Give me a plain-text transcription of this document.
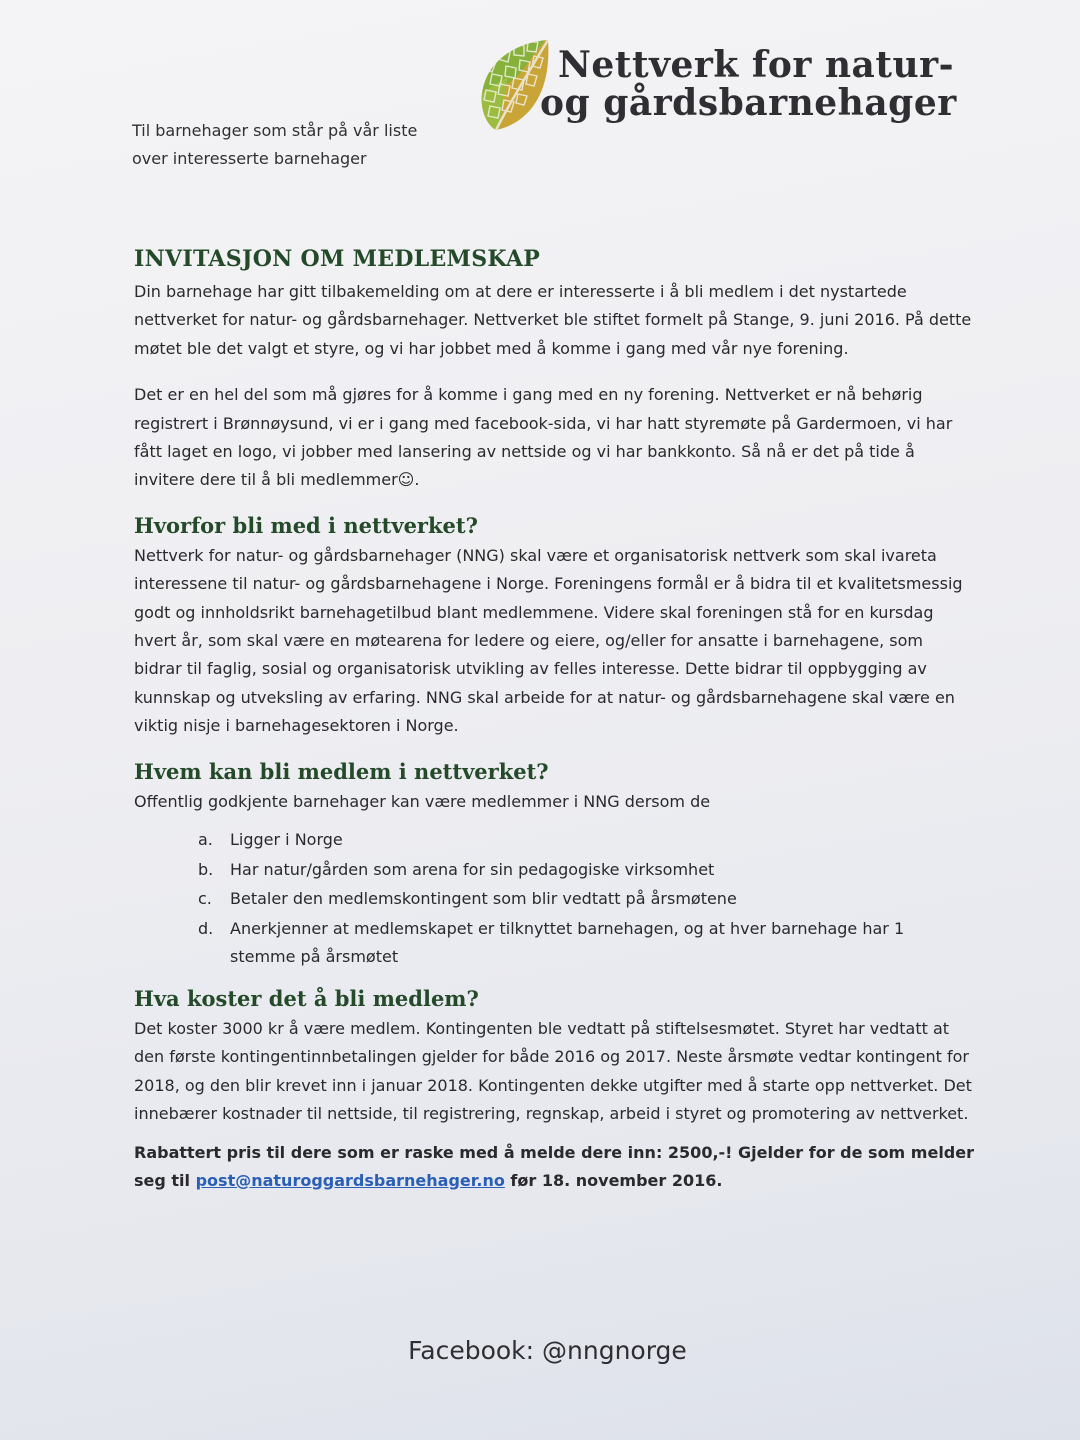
Nettverk for natur-
og gårdsbarnehager
Til barnehager som står på vår liste
over interesserte barnehager
INVITASJON OM MEDLEMSKAP

Din barnehage har gitt tilbakemelding om at dere er interesserte i å bli medlem i det nystartede nettverket for natur- og gårdsbarnehager. Nettverket ble stiftet formelt på Stange, 9. juni 2016. På dette møtet ble det valgt et styre, og vi har jobbet med å komme i gang med vår nye forening.

Det er en hel del som må gjøres for å komme i gang med en ny forening. Nettverket er nå behørig registrert i Brønnøysund, vi er i gang med facebook-sida, vi har hatt styremøte på Gardermoen, vi har fått laget en logo, vi jobber med lansering av nettside og vi har bankkonto. Så nå er det på tide å invitere dere til å bli medlemmer☺.

Hvorfor bli med i nettverket?

Nettverk for natur- og gårdsbarnehager (NNG) skal være et organisatorisk nettverk som skal ivareta interessene til natur- og gårdsbarnehagene i Norge. Foreningens formål er å bidra til et kvalitetsmessig godt og innholdsrikt barnehagetilbud blant medlemmene. Videre skal foreningen stå for en kursdag hvert år, som skal være en møtearena for ledere og eiere, og/eller for ansatte i barnehagene, som bidrar til faglig, sosial og organisatorisk utvikling av felles interesse. Dette bidrar til oppbygging av kunnskap og utveksling av erfaring. NNG skal arbeide for at natur- og gårdsbarnehagene skal være en viktig nisje i barnehagesektoren i Norge.

Hvem kan bli medlem i nettverket?

Offentlig godkjente barnehager kan være medlemmer i NNG dersom de

a. Ligger i Norge
b. Har natur/gården som arena for sin pedagogiske virksomhet
c. Betaler den medlemskontingent som blir vedtatt på årsmøtene
d. Anerkjenner at medlemskapet er tilknyttet barnehagen, og at hver barnehage har 1 stemme på årsmøtet
Hva koster det å bli medlem?

Det koster 3000 kr å være medlem. Kontingenten ble vedtatt på stiftelsesmøtet. Styret har vedtatt at den første kontingentinnbetalingen gjelder for både 2016 og 2017. Neste årsmøte vedtar kontingent for 2018, og den blir krevet inn i januar 2018. Kontingenten dekke utgifter med å starte opp nettverket. Det innebærer kostnader til nettside, til registrering, regnskap, arbeid i styret og promotering av nettverket.

Rabattert pris til dere som er raske med å melde dere inn: 2500,-! Gjelder for de som melder seg til post@naturoggardsbarnehager.no før 18. november 2016.
Facebook: @nngnorge
